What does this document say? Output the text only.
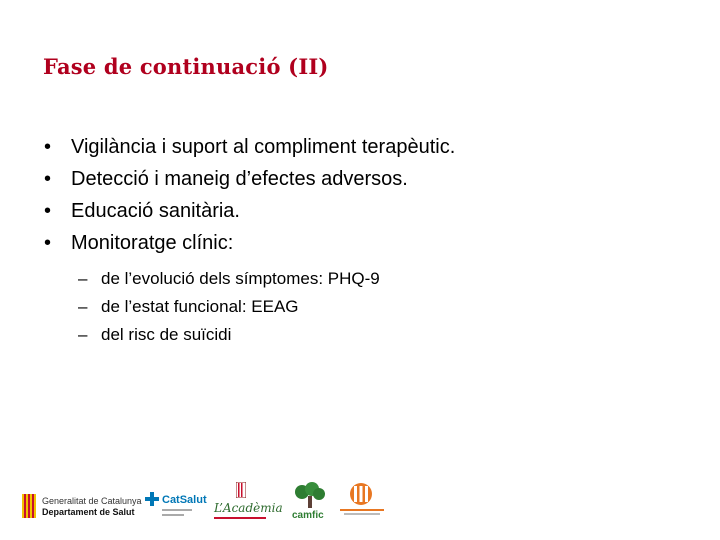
Fase de continuació (II)
• Vigilància i suport al compliment terapèutic.
• Detecció i maneig d’efectes adversos.
• Educació sanitària.
• Monitoratge clínic:
– de l’evolució dels símptomes: PHQ-9
– de l’estat funcional: EEAG
– del risc de suïcidi
Generalitat de Catalunya
Departament de Salut
CatSalut
L’Acadèmia
camfic
